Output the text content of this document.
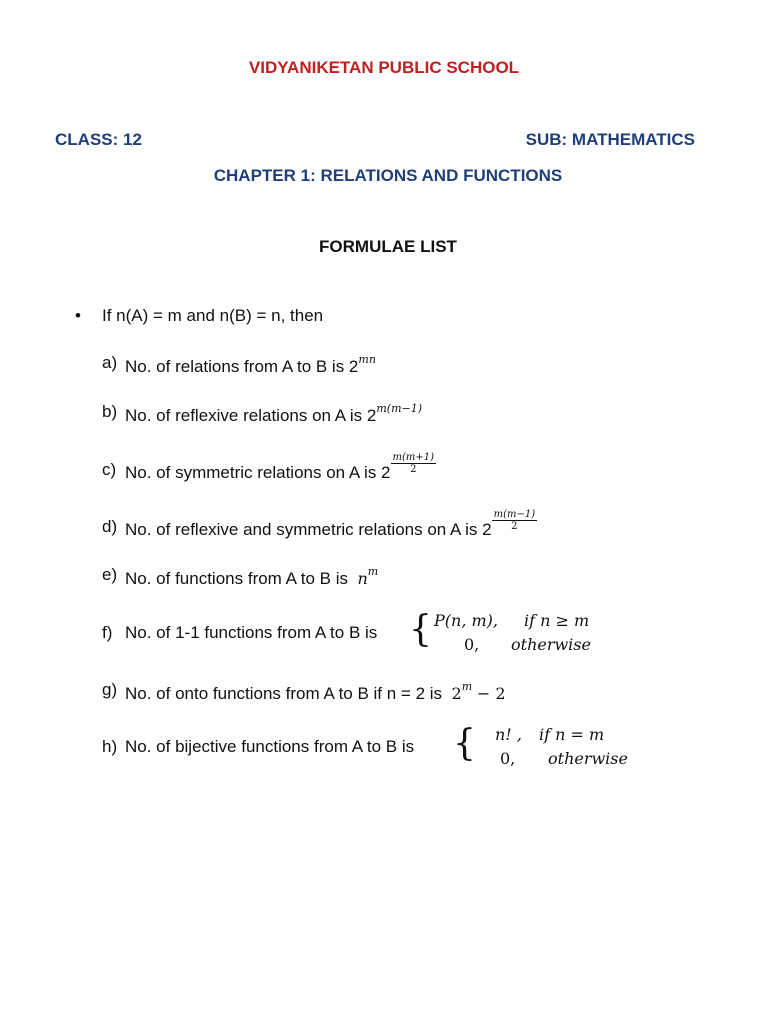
VIDYANIKETAN PUBLIC SCHOOL
CLASS: 12	SUB: MATHEMATICS
CHAPTER 1: RELATIONS AND FUNCTIONS
FORMULAE LIST
• If n(A) = m and n(B) = n, then
a) No. of relations from A to B is $2^{mn}$
b) No. of reflexive relations on A is $2^{m(m-1)}$
c) No. of symmetric relations on A is $2 \frac{m(m+1)}{2}$
d) No. of reflexive and symmetric relations on A is $2 \frac{m(m-1)}{2}$
e) No. of functions from A to B is $n^m$
f) No. of 1-1 functions from A to B is { P(n, m), if n ≥ m
0, otherwise
g) No. of onto functions from A to B if n = 2 is $2^m - 2$
h) No. of bijective functions from A to B is { n! , if n = m
0, otherwise
